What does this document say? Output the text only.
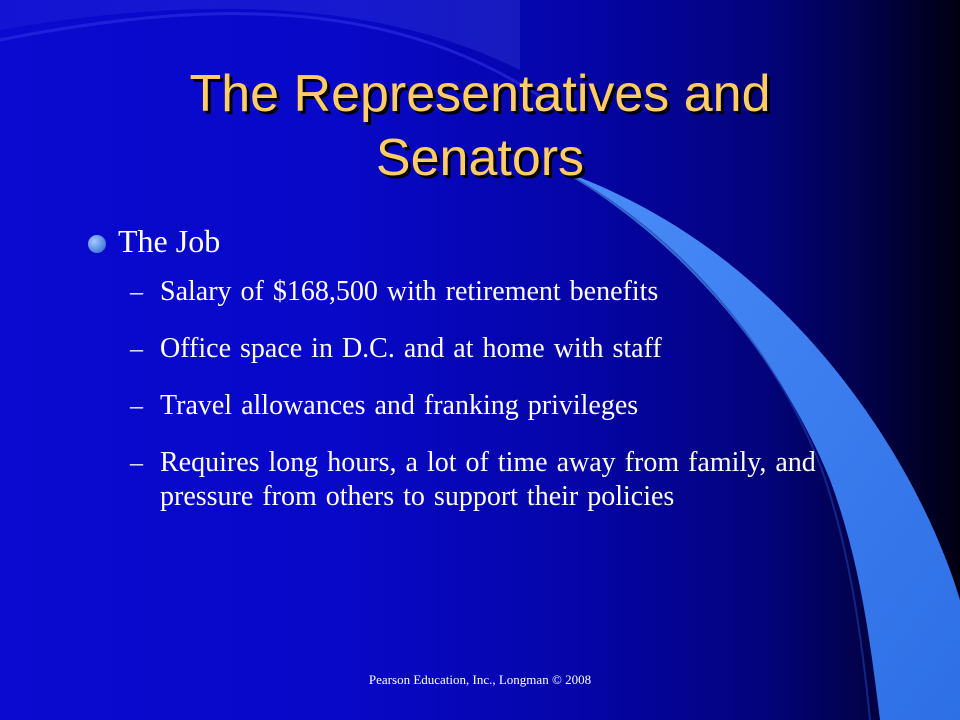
The Representatives and
Senators
The Job
– Salary of $168,500 with retirement benefits
– Office space in D.C. and at home with staff
– Travel allowances and franking privileges
– Requires long hours, a lot of time away from family, and pressure from others to support their policies
Pearson Education, Inc., Longman © 2008
